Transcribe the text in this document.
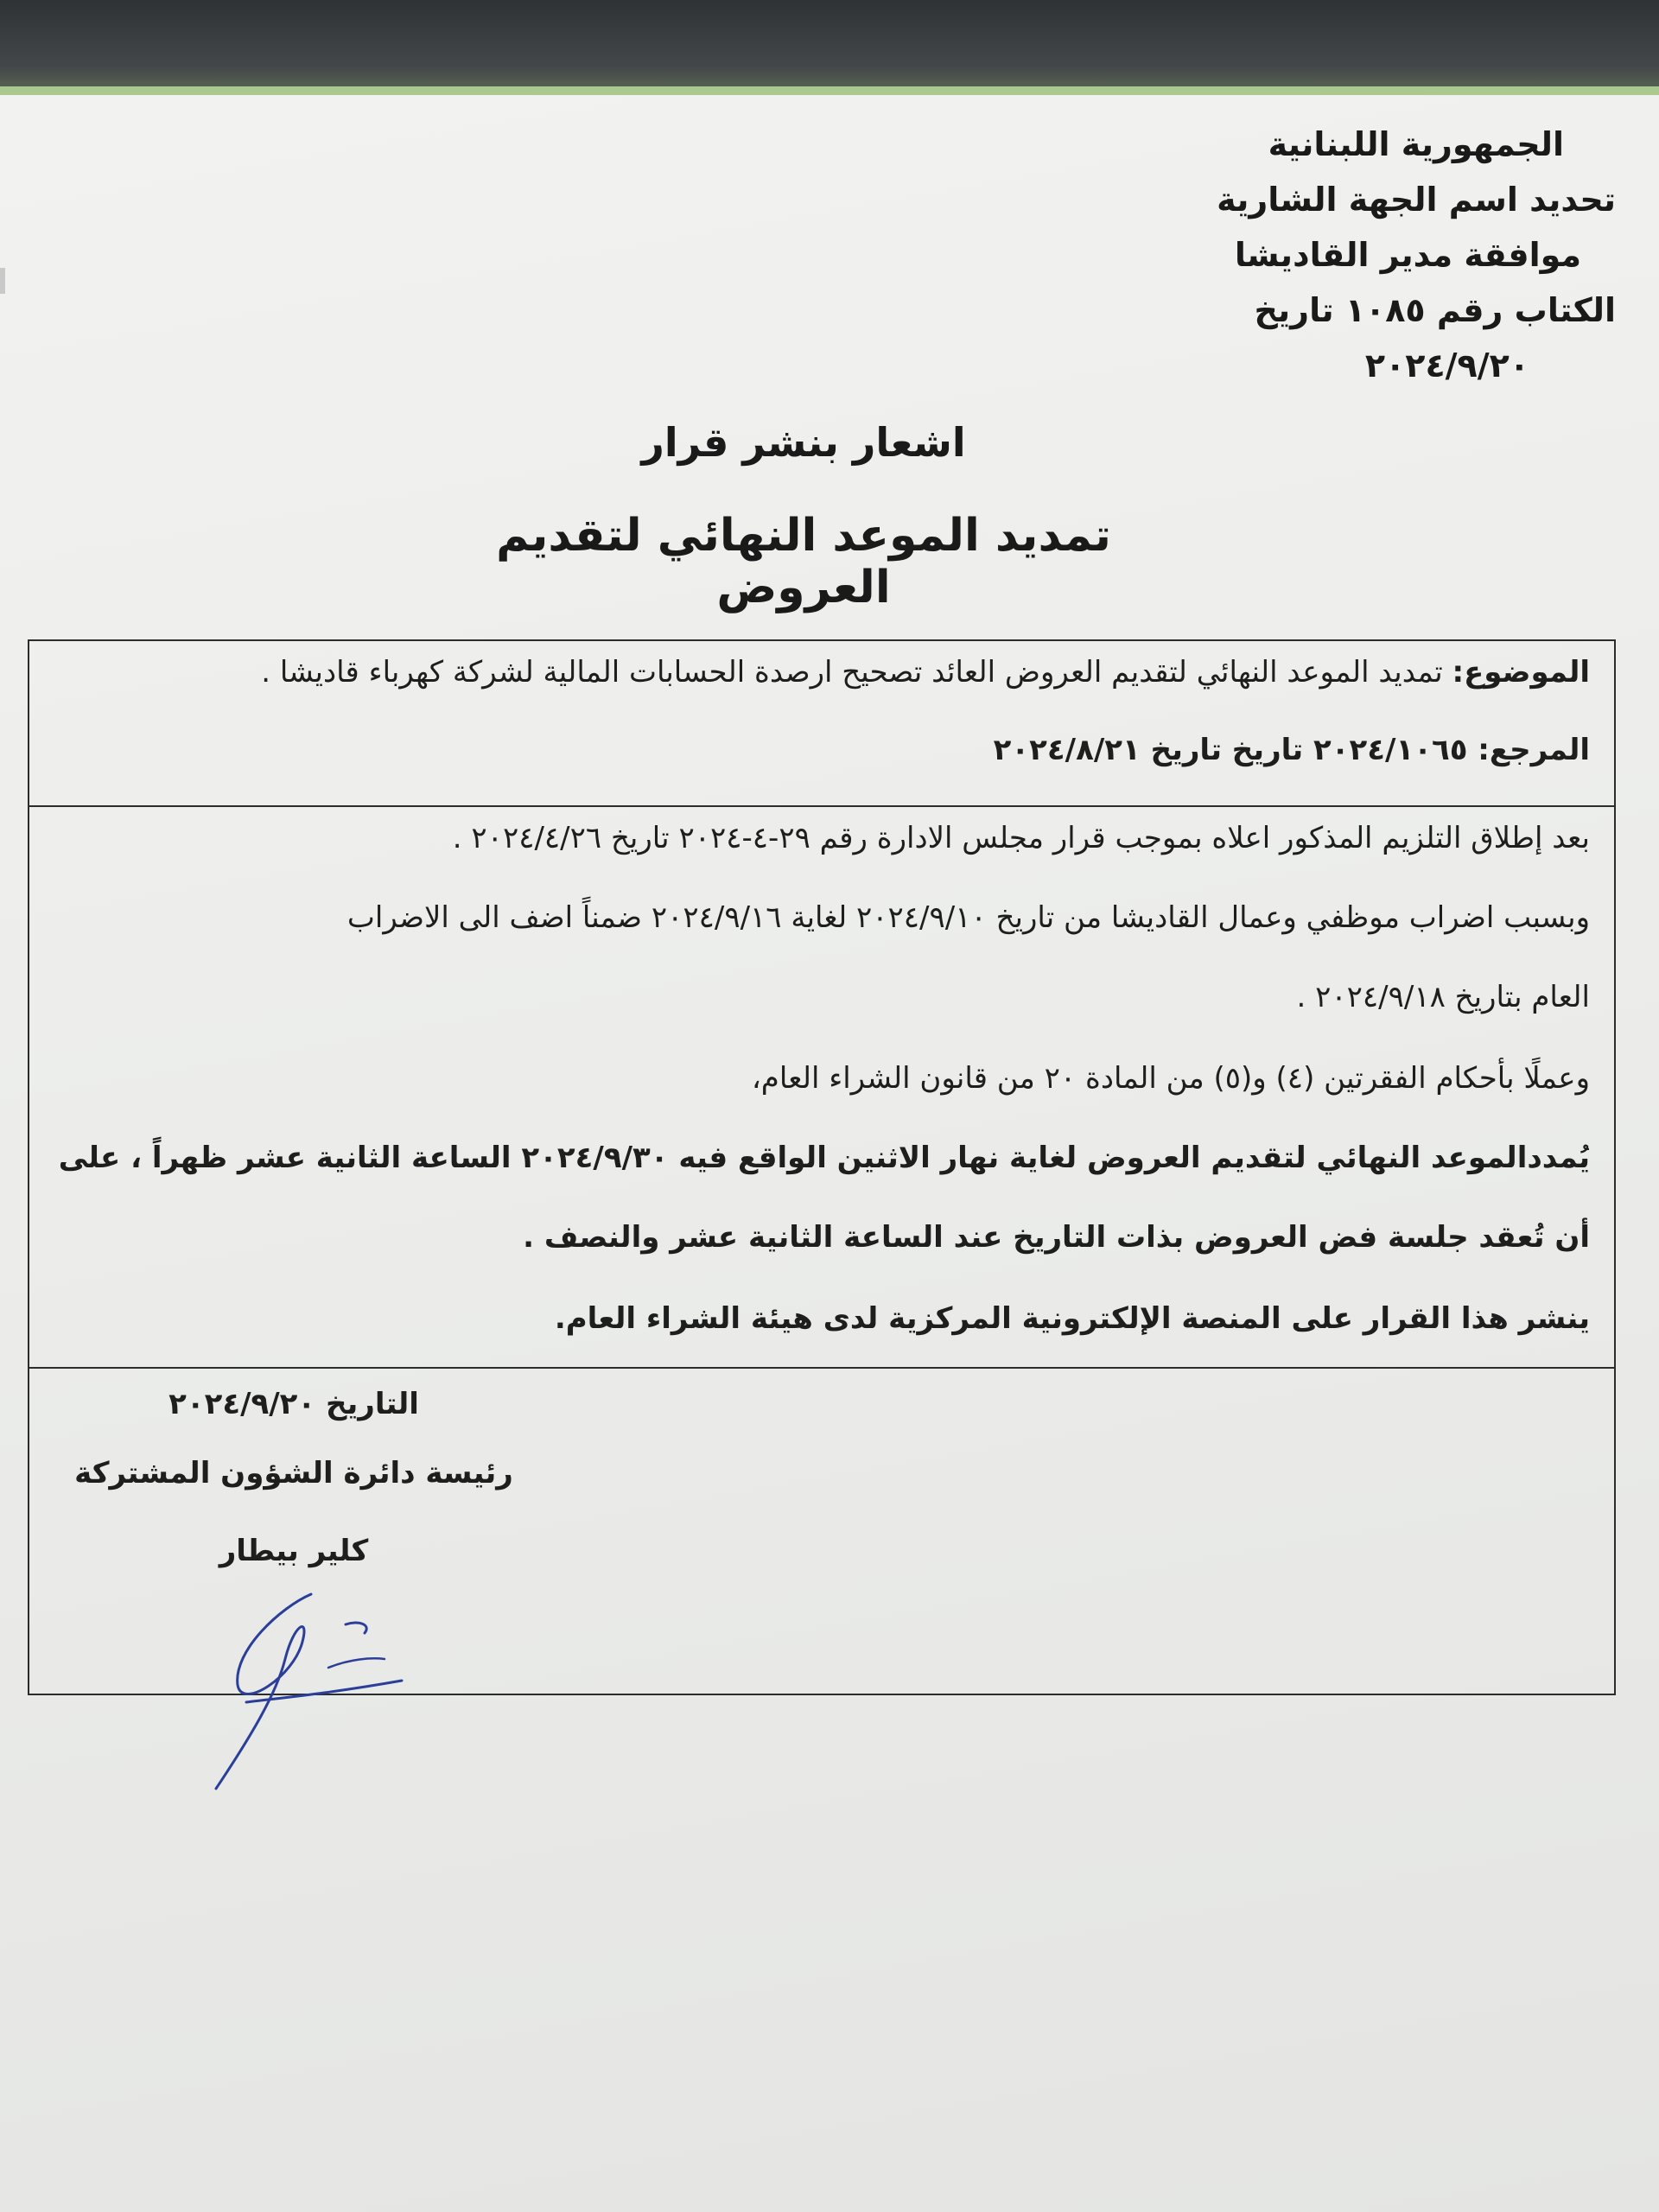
الجمهورية اللبنانية
تحديد اسم الجهة الشارية
موافقة مدير القاديشا
الكتاب رقم ١٠٨٥ تاريخ
٢٠٢٤/٩/٢٠
اشعار بنشر قرار
تمديد الموعد النهائي لتقديم العروض
الموضوع: تمديد الموعد النهائي لتقديم العروض العائد تصحيح ارصدة الحسابات المالية لشركة كهرباء قاديشا .
المرجع: ٢٠٢٤/١٠٦٥ تاريخ تاريخ ٢٠٢٤/٨/٢١
بعد إطلاق التلزيم المذكور اعلاه بموجب قرار مجلس الادارة رقم ٢٩-٤-٢٠٢٤ تاريخ ٢٠٢٤/٤/٢٦ .
وبسبب اضراب موظفي وعمال القاديشا من تاريخ ٢٠٢٤/٩/١٠ لغاية ٢٠٢٤/٩/١٦ ضمناً اضف الى الاضراب
العام بتاريخ ٢٠٢٤/٩/١٨ .
وعملًا بأحكام الفقرتين (٤) و(٥) من المادة ٢٠ من قانون الشراء العام،
يُمددالموعد النهائي لتقديم العروض لغاية نهار الاثنين الواقع فيه ٢٠٢٤/٩/٣٠ الساعة الثانية عشر ظهراً ، على
أن تُعقد جلسة فض العروض بذات التاريخ عند الساعة الثانية عشر والنصف .
ينشر هذا القرار على المنصة الإلكترونية المركزية لدى هيئة الشراء العام.
التاريخ ٢٠٢٤/٩/٢٠
رئيسة دائرة الشؤون المشتركة
كلير بيطار
